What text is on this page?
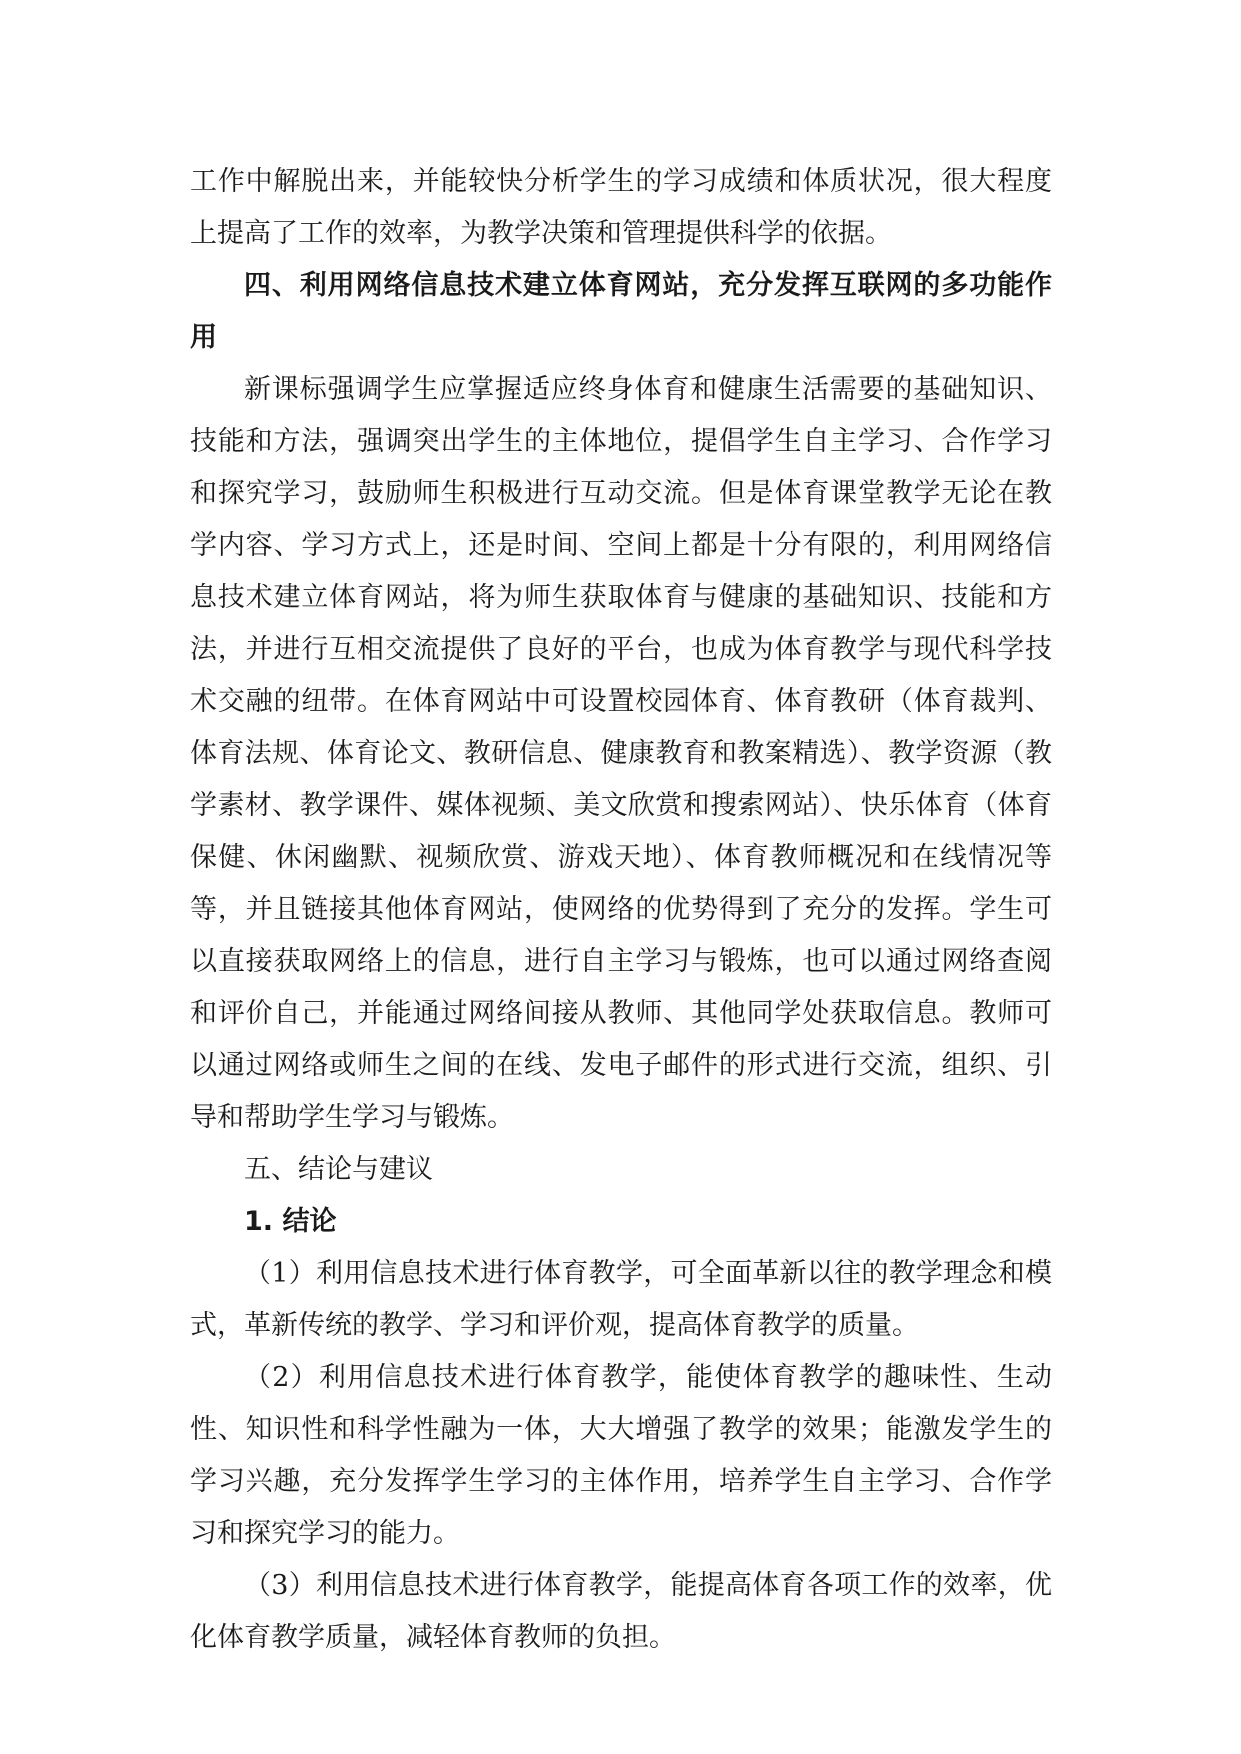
工作中解脱出来，并能较快分析学生的学习成绩和体质状况，很大程度上提高了工作的效率，为教学决策和管理提供科学的依据。

四、利用网络信息技术建立体育网站，充分发挥互联网的多功能作用

新课标强调学生应掌握适应终身体育和健康生活需要的基础知识、技能和方法，强调突出学生的主体地位，提倡学生自主学习、合作学习和探究学习，鼓励师生积极进行互动交流。但是体育课堂教学无论在教学内容、学习方式上，还是时间、空间上都是十分有限的，利用网络信息技术建立体育网站，将为师生获取体育与健康的基础知识、技能和方法，并进行互相交流提供了良好的平台，也成为体育教学与现代科学技术交融的纽带。在体育网站中可设置校园体育、体育教研（体育裁判、体育法规、体育论文、教研信息、健康教育和教案精选）、教学资源（教学素材、教学课件、媒体视频、美文欣赏和搜索网站）、快乐体育（体育保健、休闲幽默、视频欣赏、游戏天地）、体育教师概况和在线情况等等，并且链接其他体育网站，使网络的优势得到了充分的发挥。学生可以直接获取网络上的信息，进行自主学习与锻炼，也可以通过网络查阅和评价自己，并能通过网络间接从教师、其他同学处获取信息。教师可以通过网络或师生之间的在线、发电子邮件的形式进行交流，组织、引导和帮助学生学习与锻炼。

五、结论与建议

1. 结论

（1）利用信息技术进行体育教学，可全面革新以往的教学理念和模式，革新传统的教学、学习和评价观，提高体育教学的质量。

（2）利用信息技术进行体育教学，能使体育教学的趣味性、生动性、知识性和科学性融为一体，大大增强了教学的效果；能激发学生的学习兴趣，充分发挥学生学习的主体作用，培养学生自主学习、合作学习和探究学习的能力。

（3）利用信息技术进行体育教学，能提高体育各项工作的效率，优化体育教学质量，减轻体育教师的负担。
